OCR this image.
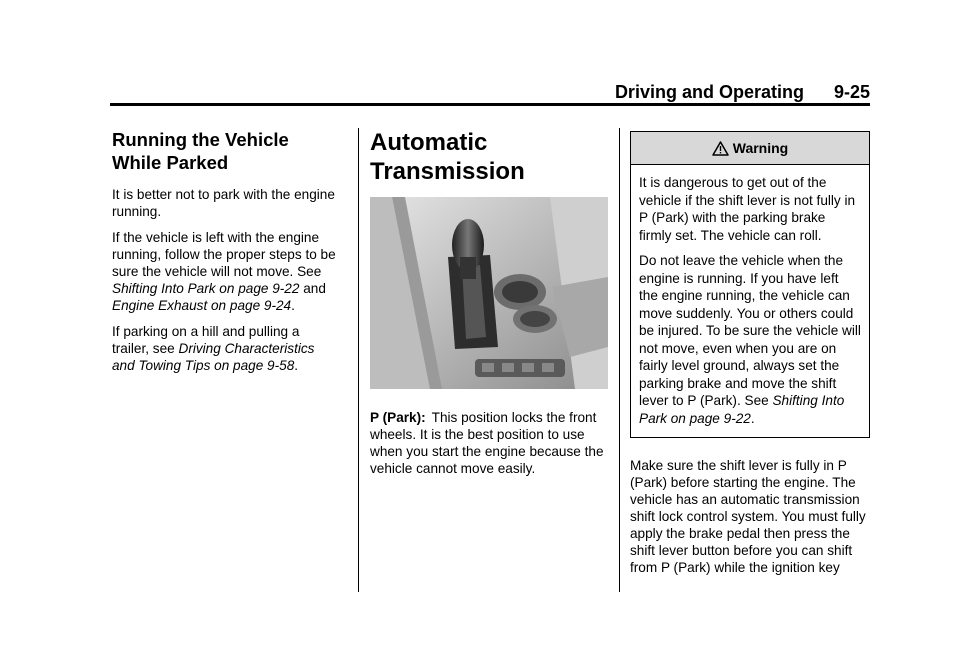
Driving and Operating 9-25
Running the Vehicle While Parked

It is better not to park with the engine running.

If the vehicle is left with the engine running, follow the proper steps to be sure the vehicle will not move. See Shifting Into Park on page 9-22 and Engine Exhaust on page 9-24.

If parking on a hill and pulling a trailer, see Driving Characteristics and Towing Tips on page 9-58.

Automatic Transmission

P (Park): This position locks the front wheels. It is the best position to use when you start the engine because the vehicle cannot move easily.

Warning

It is dangerous to get out of the vehicle if the shift lever is not fully in P (Park) with the parking brake firmly set. The vehicle can roll.

Do not leave the vehicle when the engine is running. If you have left the engine running, the vehicle can move suddenly. You or others could be injured. To be sure the vehicle will not move, even when you are on fairly level ground, always set the parking brake and move the shift lever to P (Park). See Shifting Into Park on page 9-22.

Make sure the shift lever is fully in P (Park) before starting the engine. The vehicle has an automatic transmission shift lock control system. You must fully apply the brake pedal then press the shift lever button before you can shift from P (Park) while the ignition key
